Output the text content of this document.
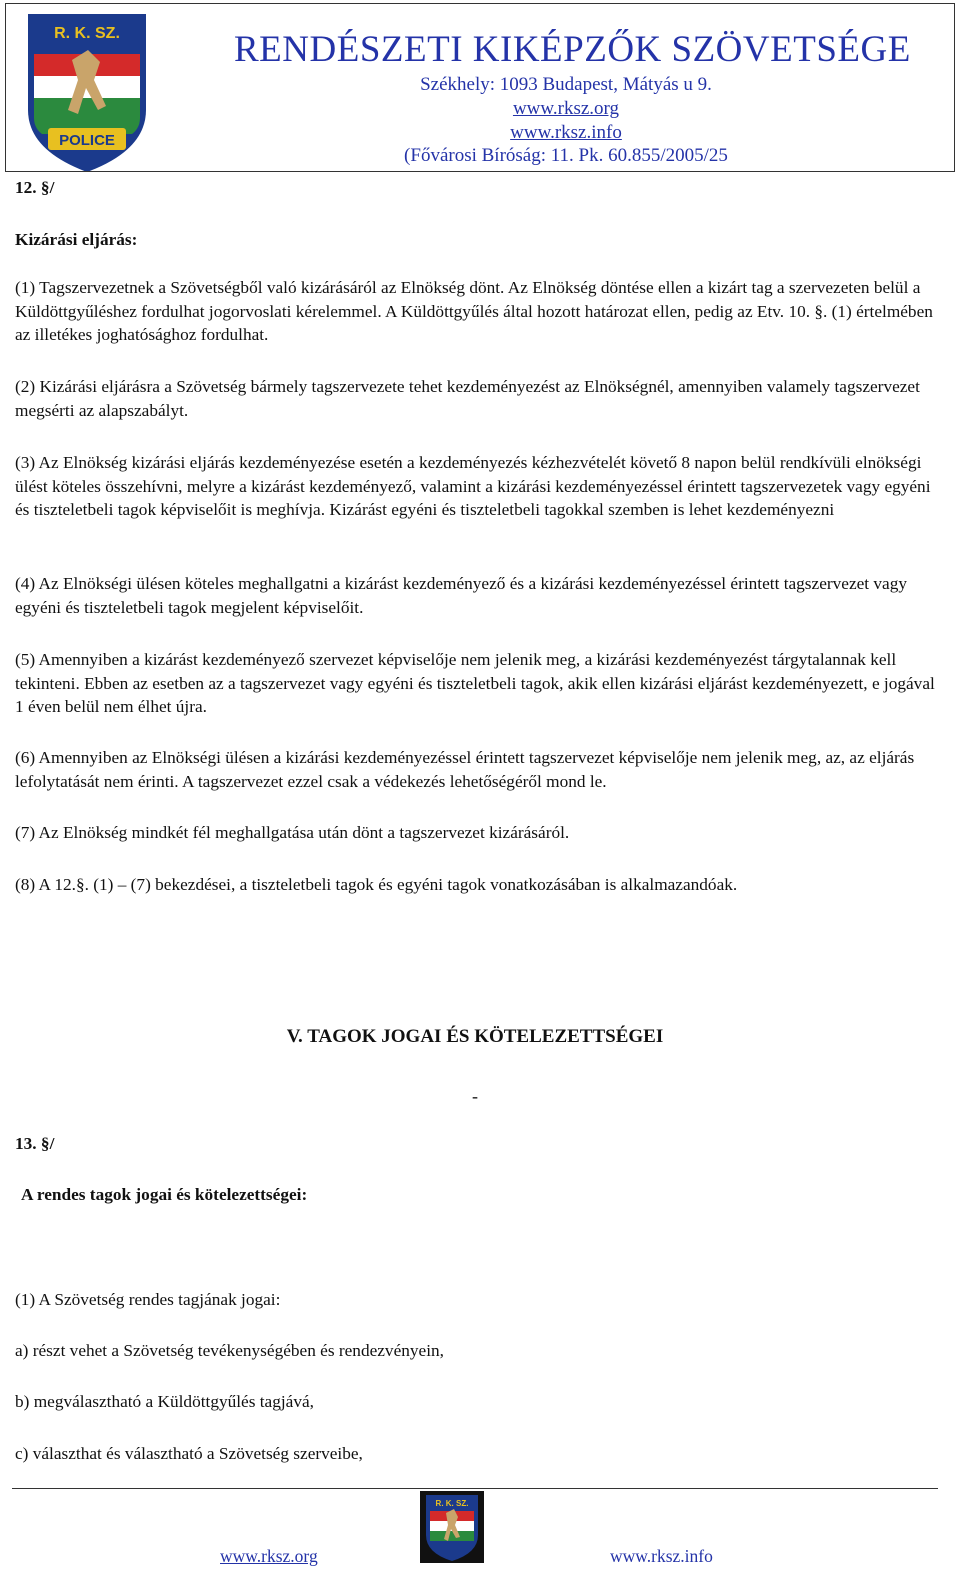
R. K. SZ.
POLICE
RENDÉSZETI KIKÉPZŐK SZÖVETSÉGE
Székhely: 1093 Budapest, Mátyás u 9.
www.rksz.org
www.rksz.info
(Fővárosi Bíróság: 11. Pk. 60.855/2005/25
12. §/
Kizárási eljárás:
(1) Tagszervezetnek a Szövetségből való kizárásáról az Elnökség dönt. Az Elnökség döntése ellen a kizárt tag a szervezeten belül a Küldöttgyűléshez fordulhat jogorvoslati kérelemmel. A Küldöttgyűlés által hozott határozat ellen, pedig az Etv. 10. §. (1) értelmében az illetékes joghatósághoz fordulhat.
(2) Kizárási eljárásra a Szövetség bármely tagszervezete tehet kezdeményezést az Elnökségnél, amennyiben valamely tagszervezet megsérti az alapszabályt.
(3) Az Elnökség kizárási eljárás kezdeményezése esetén a kezdeményezés kézhezvételét követő 8 napon belül rendkívüli elnökségi ülést köteles összehívni, melyre a kizárást kezdeményező, valamint a kizárási kezdeményezéssel érintett tagszervezetek vagy egyéni és tiszteletbeli tagok képviselőit is meghívja. Kizárást egyéni és tiszteletbeli tagokkal szemben is lehet kezdeményezni
(4) Az Elnökségi ülésen köteles meghallgatni a kizárást kezdeményező és a kizárási kezdeményezéssel érintett tagszervezet vagy egyéni és tiszteletbeli tagok megjelent képviselőit.
(5) Amennyiben a kizárást kezdeményező szervezet képviselője nem jelenik meg, a kizárási kezdeményezést tárgytalannak kell tekinteni. Ebben az esetben az a tagszervezet vagy egyéni és tiszteletbeli tagok, akik ellen kizárási eljárást kezdeményezett, e jogával 1 éven belül nem élhet újra.
(6) Amennyiben az Elnökségi ülésen a kizárási kezdeményezéssel érintett tagszervezet képviselője nem jelenik meg, az, az eljárás lefolytatását nem érinti. A tagszervezet ezzel csak a védekezés lehetőségéről mond le.
(7) Az Elnökség mindkét fél meghallgatása után dönt a tagszervezet kizárásáról.
(8) A 12.§. (1) – (7) bekezdései, a tiszteletbeli tagok és egyéni tagok vonatkozásában is alkalmazandóak.
V. TAGOK JOGAI ÉS KÖTELEZETTSÉGEI
-
13. §/
A rendes tagok jogai és kötelezettségei:
(1) A Szövetség rendes tagjának jogai:
a) részt vehet a Szövetség tevékenységében és rendezvényein,
b) megválasztható a Küldöttgyűlés tagjává,
c) választhat és választható a Szövetség szerveibe,
R. K. SZ.
www.rksz.org	www.rksz.info
